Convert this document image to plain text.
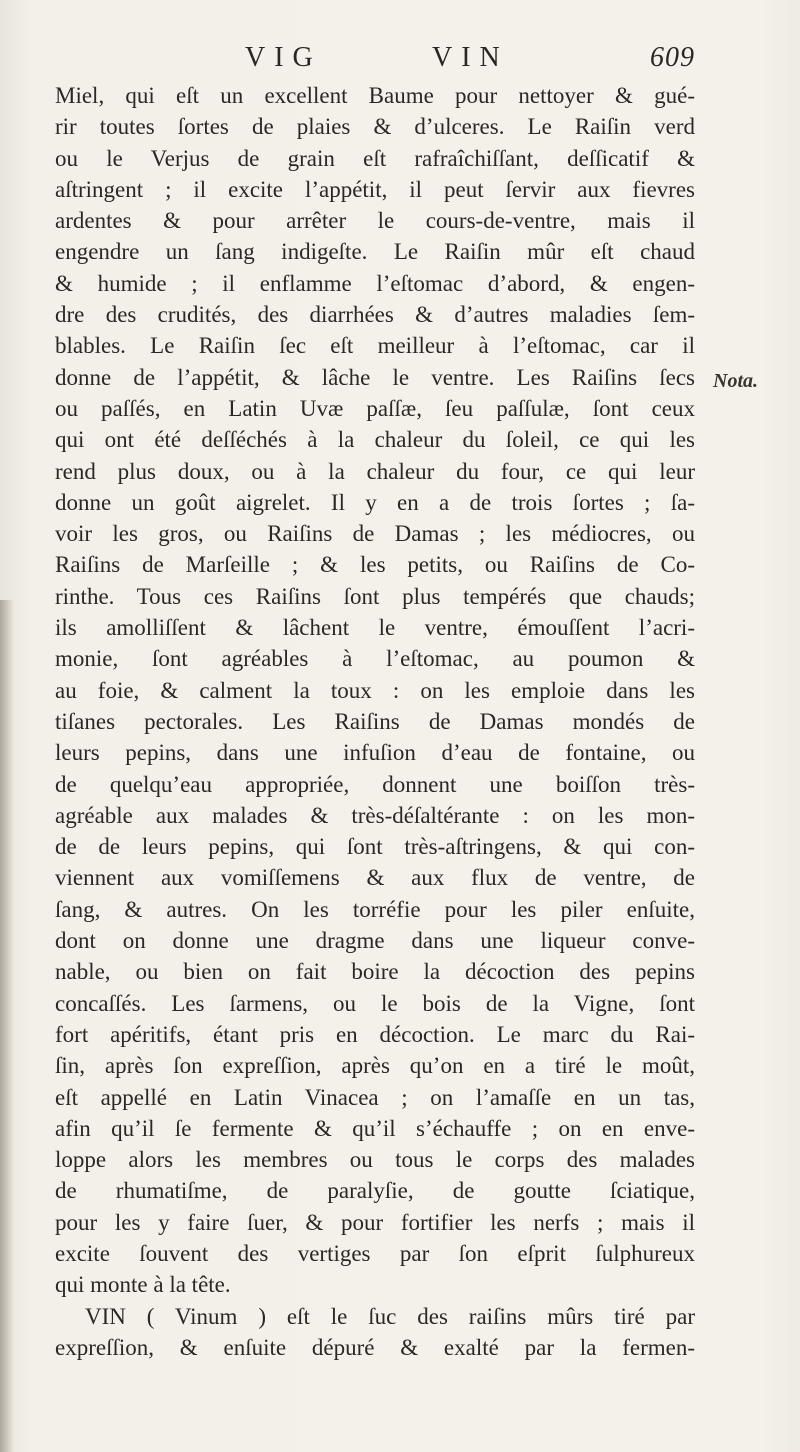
VIG	VIN	609
Nota.
Miel, qui eſt un excellent Baume pour nettoyer & gué-
rir toutes ſortes de plaies & d’ulceres. Le Raiſin verd
ou le Verjus de grain eſt rafraîchiſſant, deſſicatif &
aſtringent ; il excite l’appétit, il peut ſervir aux fievres
ardentes & pour arrêter le cours-de-ventre, mais il
engendre un ſang indigeſte. Le Raiſin mûr eſt chaud
& humide ; il enflamme l’eſtomac d’abord, & engen-
dre des crudités, des diarrhées & d’autres maladies ſem-
blables. Le Raiſin ſec eſt meilleur à l’eſtomac, car il
donne de l’appétit, & lâche le ventre. Les Raiſins ſecs
ou paſſés, en Latin Uvæ paſſæ, ſeu paſſulæ, ſont ceux
qui ont été deſſéchés à la chaleur du ſoleil, ce qui les
rend plus doux, ou à la chaleur du four, ce qui leur
donne un goût aigrelet. Il y en a de trois ſortes ; ſa-
voir les gros, ou Raiſins de Damas ; les médiocres, ou
Raiſins de Marſeille ; & les petits, ou Raiſins de Co-
rinthe. Tous ces Raiſins ſont plus tempérés que chauds;
ils amolliſſent & lâchent le ventre, émouſſent l’acri-
monie, ſont agréables à l’eſtomac, au poumon &
au foie, & calment la toux : on les emploie dans les
tiſanes pectorales. Les Raiſins de Damas mondés de
leurs pepins, dans une infuſion d’eau de fontaine, ou
de quelqu’eau appropriée, donnent une boiſſon très-
agréable aux malades & très-déſaltérante : on les mon-
de de leurs pepins, qui ſont très-aſtringens, & qui con-
viennent aux vomiſſemens & aux flux de ventre, de
ſang, & autres. On les torréfie pour les piler enſuite,
dont on donne une dragme dans une liqueur conve-
nable, ou bien on fait boire la décoction des pepins
concaſſés. Les ſarmens, ou le bois de la Vigne, ſont
fort apéritifs, étant pris en décoction. Le marc du Rai-
ſin, après ſon expreſſion, après qu’on en a tiré le moût,
eſt appellé en Latin Vinacea ; on l’amaſſe en un tas,
afin qu’il ſe fermente & qu’il s’échauffe ; on en enve-
loppe alors les membres ou tous le corps des malades
de rhumatiſme, de paralyſie, de goutte ſciatique,
pour les y faire ſuer, & pour fortifier les nerfs ; mais il
excite ſouvent des vertiges par ſon eſprit ſulphureux
qui monte à la tête.
VIN ( Vinum ) eſt le ſuc des raiſins mûrs tiré par
expreſſion, & enſuite dépuré & exalté par la fermen-
